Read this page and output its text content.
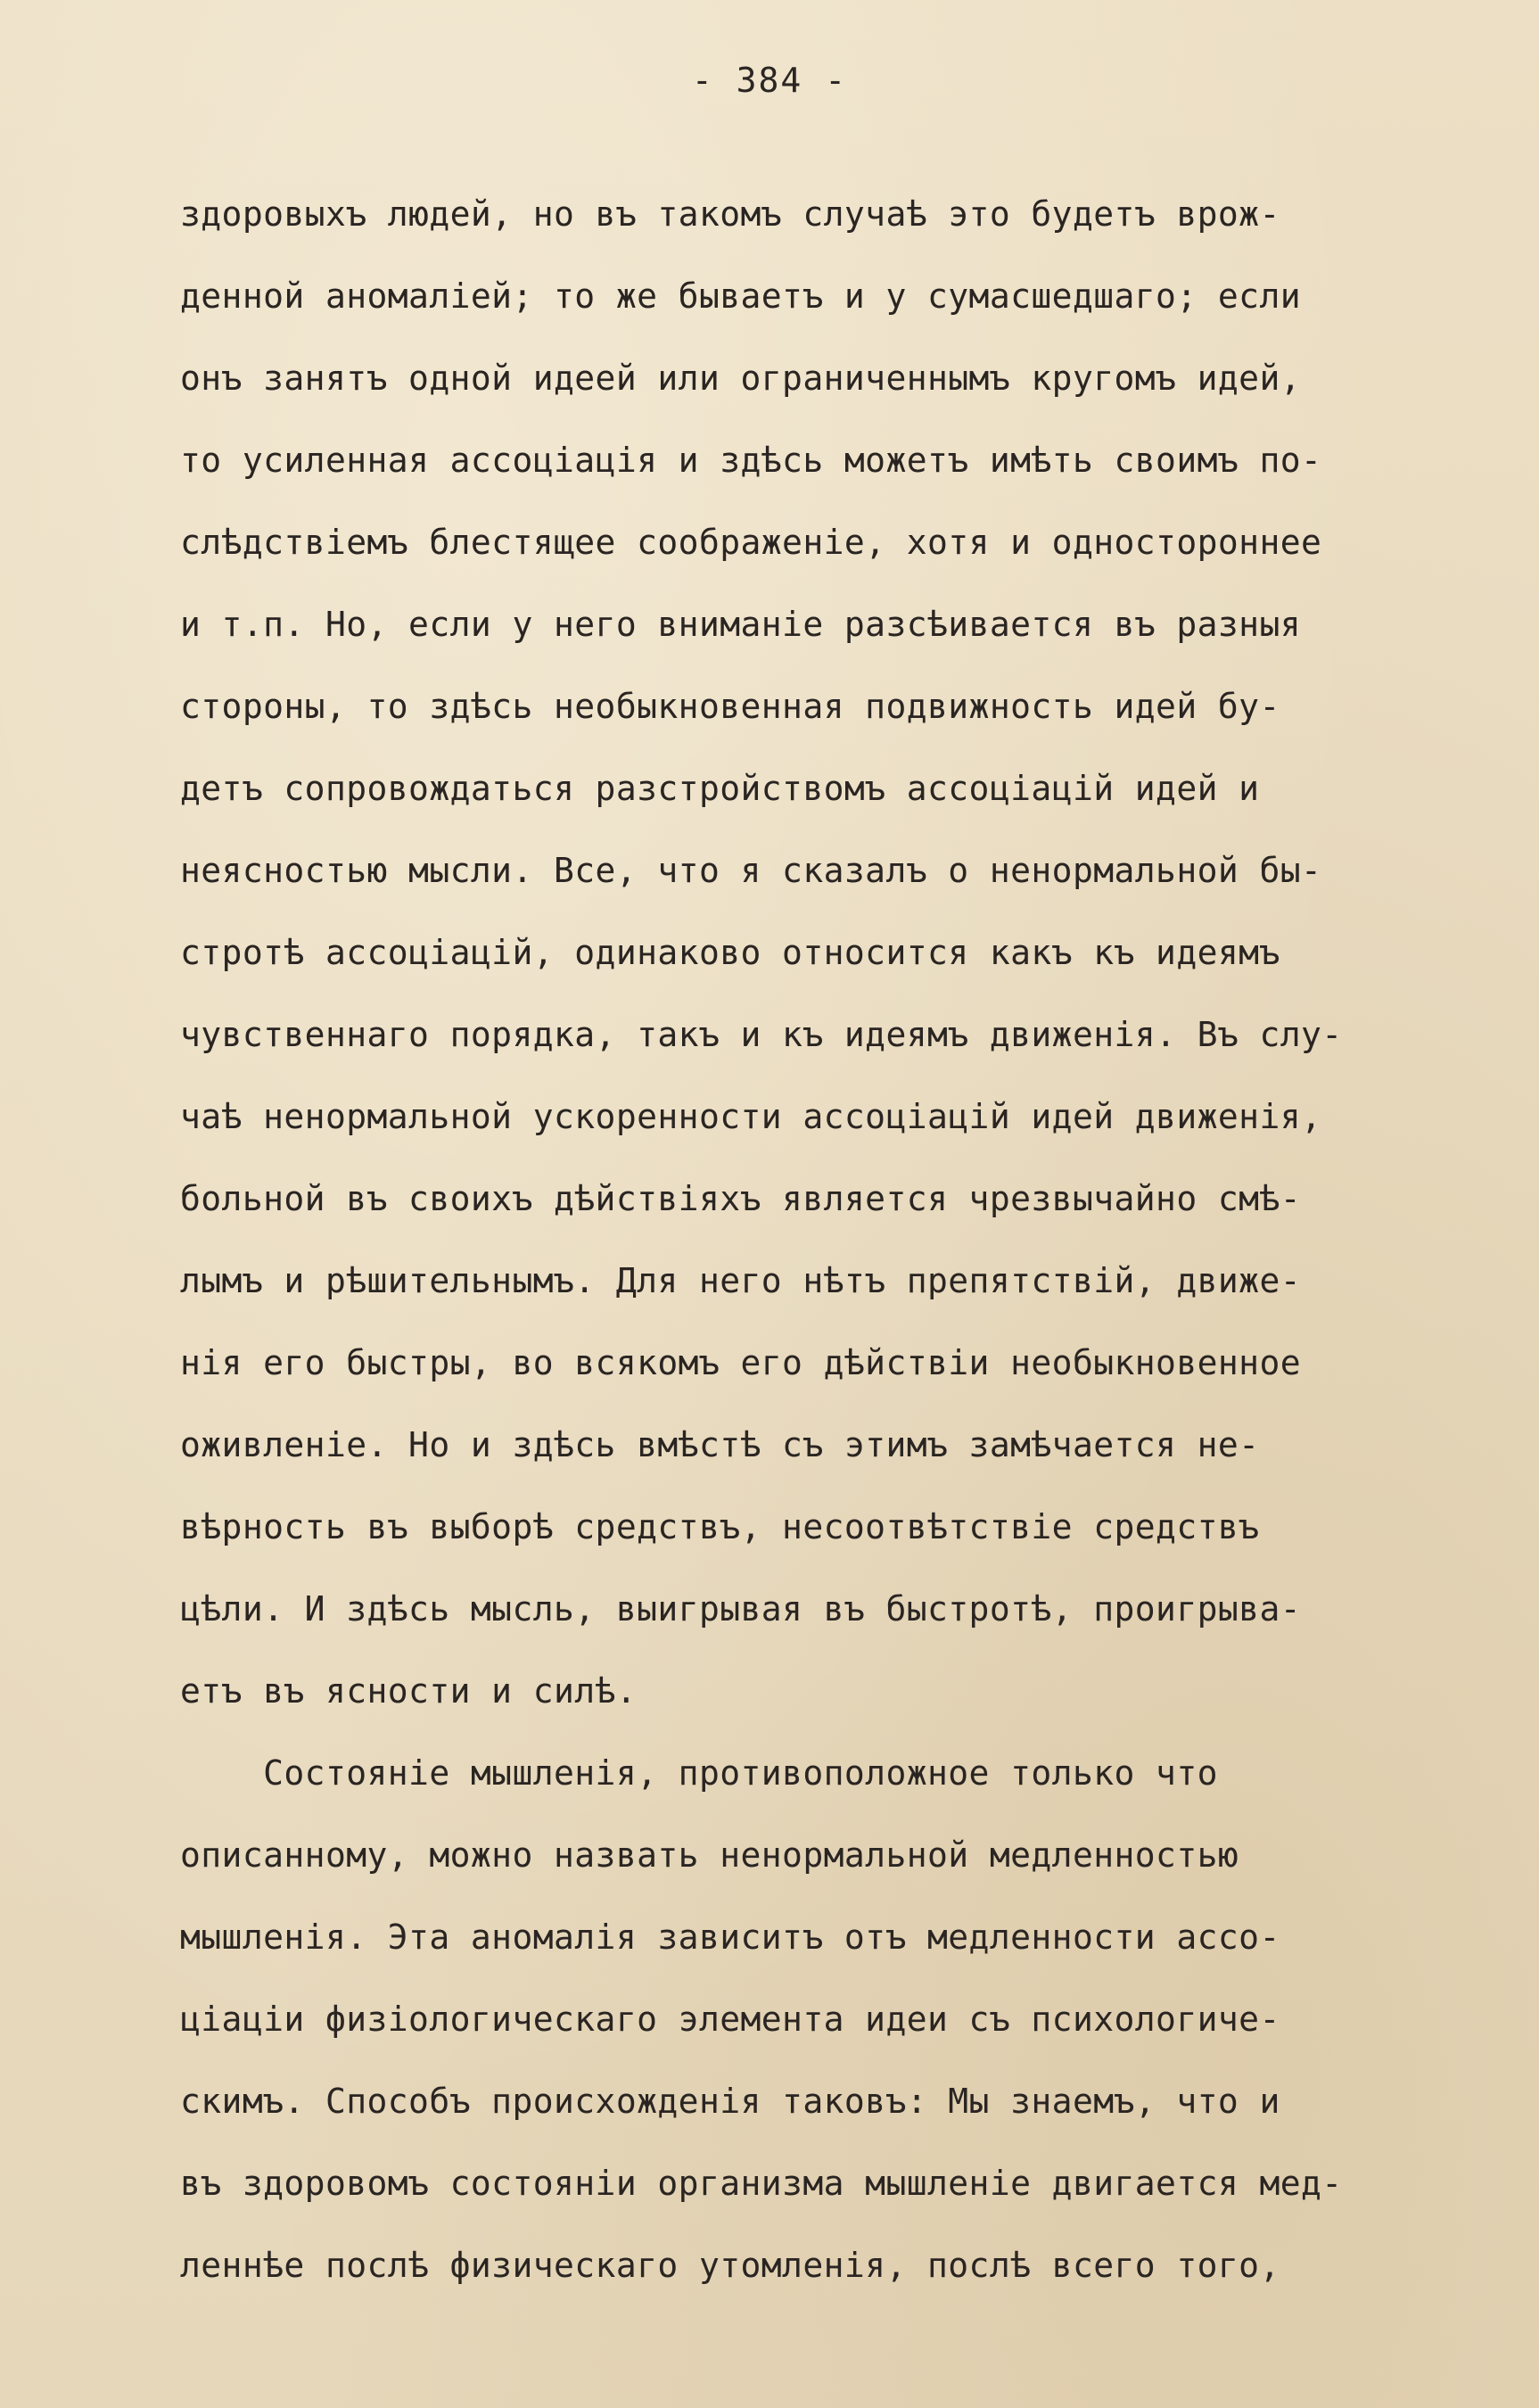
- 384 -
здоровыхъ людей, но въ такомъ случаѣ это будетъ врож-
денной аномаліей; то же бываетъ и у сумасшедшаго; если
онъ занятъ одной идеей или ограниченнымъ кругомъ идей,
то усиленная ассоціація и здѣсь можетъ имѣть своимъ по-
слѣдствіемъ блестящее соображеніе, хотя и одностороннее
и т.п. Но, если у него вниманіе разсѣивается въ разныя
стороны, то здѣсь необыкновенная подвижность идей бу-
детъ сопровождаться разстройствомъ ассоціацій идей и
неясностью мысли. Все, что я сказалъ о ненормальной бы-
стротѣ ассоціацій, одинаково относится какъ къ идеямъ
чувственнаго порядка, такъ и къ идеямъ движенія. Въ слу-
чаѣ ненормальной ускоренности ассоціацій идей движенія,
больной въ своихъ дѣйствіяхъ является чрезвычайно смѣ-
лымъ и рѣшительнымъ. Для него нѣтъ препятствій, движе-
нія его быстры, во всякомъ его дѣйствіи необыкновенное
оживленіе. Но и здѣсь вмѣстѣ съ этимъ замѣчается не-
вѣрность въ выборѣ средствъ, несоотвѣтствіе средствъ
цѣли. И здѣсь мысль, выигрывая въ быстротѣ, проигрыва-
етъ въ ясности и силѣ.
Состояніе мышленія, противоположное только что
описанному, можно назвать ненормальной медленностью
мышленія. Эта аномалія зависитъ отъ медленности ассо-
ціаціи физіологическаго элемента идеи съ психологиче-
скимъ. Способъ происхожденія таковъ: Мы знаемъ, что и
въ здоровомъ состояніи организма мышленіе двигается мед-
леннѣе послѣ физическаго утомленія, послѣ всего того,
